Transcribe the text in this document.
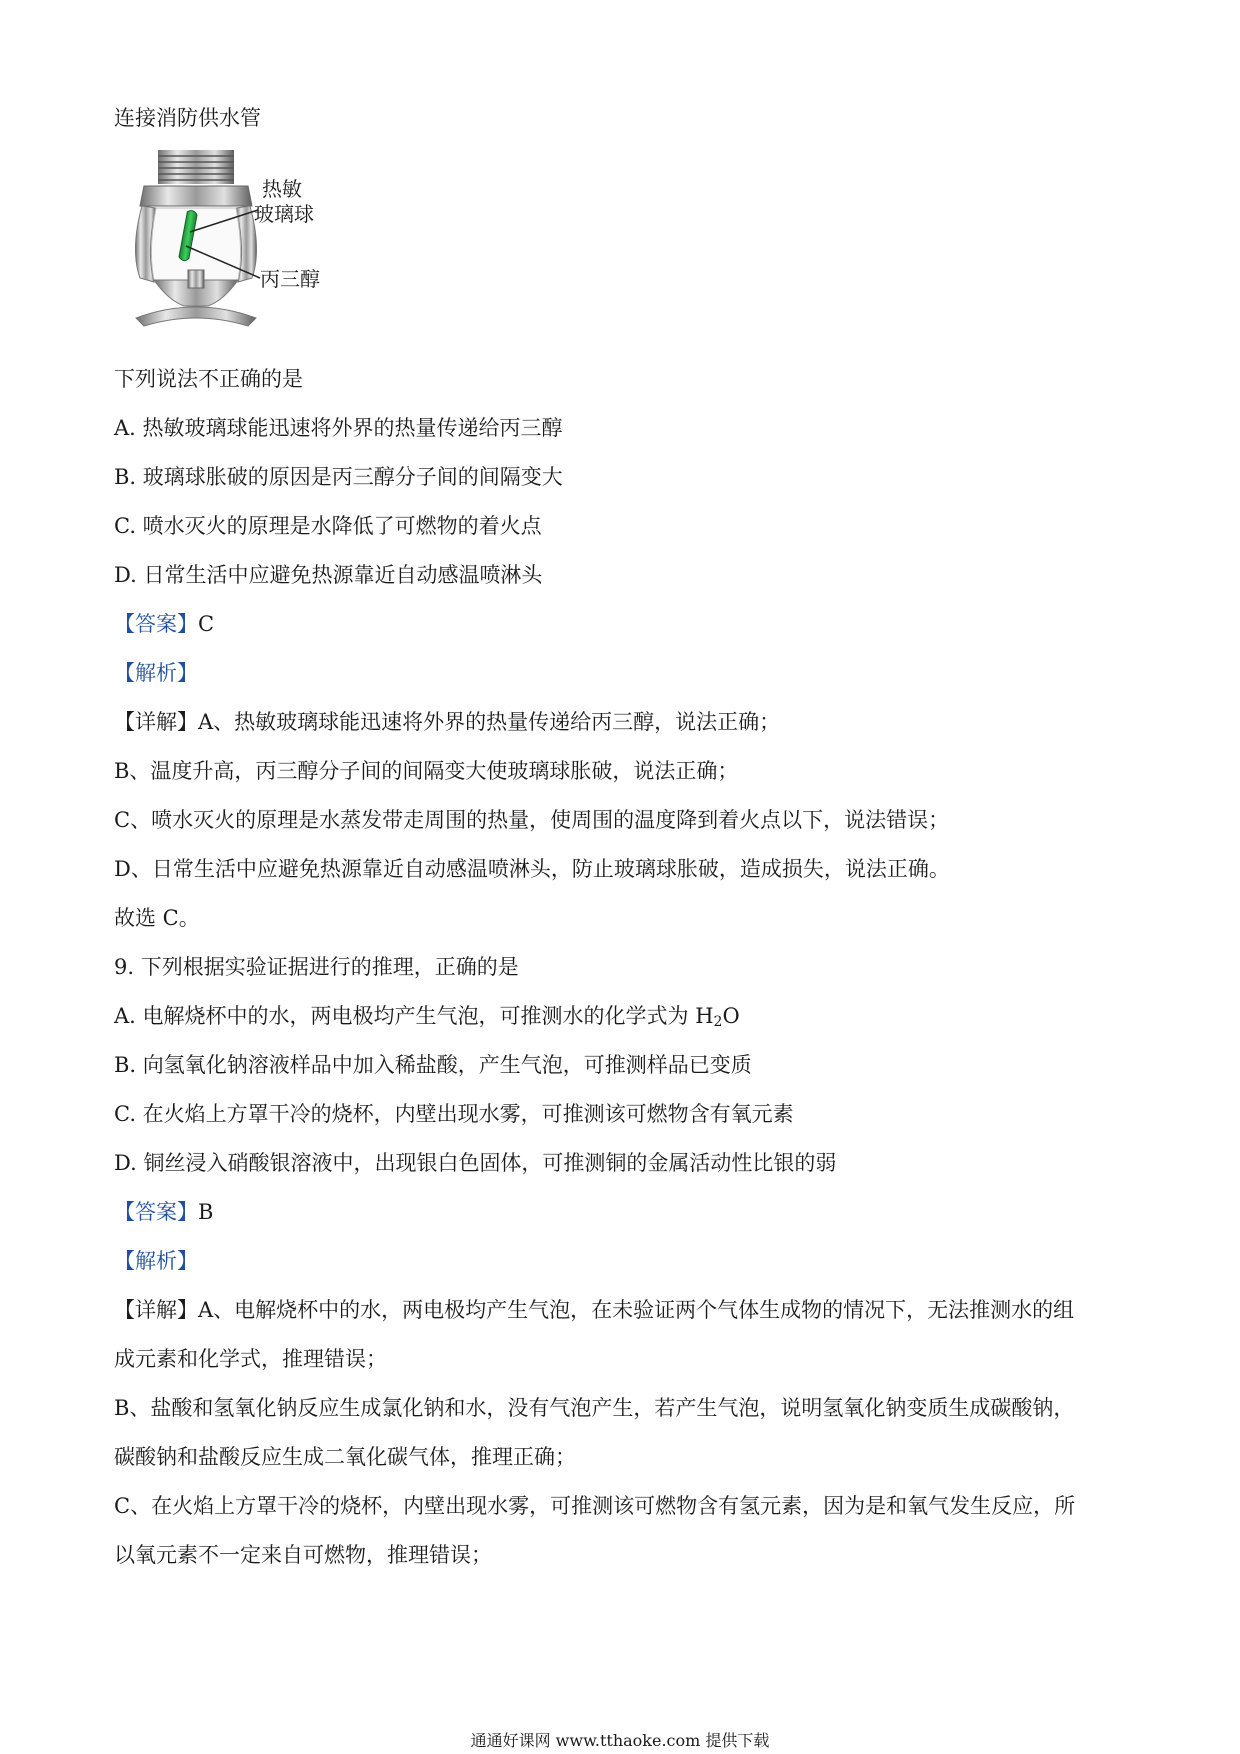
连接消防供水管
热敏
玻璃球
丙三醇
下列说法不正确的是
A. 热敏玻璃球能迅速将外界的热量传递给丙三醇
B. 玻璃球胀破的原因是丙三醇分子间的间隔变大
C. 喷水灭火的原理是水降低了可燃物的着火点
D. 日常生活中应避免热源靠近自动感温喷淋头
【答案】C
【解析】
【详解】A、热敏玻璃球能迅速将外界的热量传递给丙三醇，说法正确；
B、温度升高，丙三醇分子间的间隔变大使玻璃球胀破，说法正确；
C、喷水灭火的原理是水蒸发带走周围的热量，使周围的温度降到着火点以下，说法错误；
D、日常生活中应避免热源靠近自动感温喷淋头，防止玻璃球胀破，造成损失，说法正确。
故选 C。
9. 下列根据实验证据进行的推理，正确的是
A. 电解烧杯中的水，两电极均产生气泡，可推测水的化学式为 $H_2O$
B. 向氢氧化钠溶液样品中加入稀盐酸，产生气泡，可推测样品已变质
C. 在火焰上方罩干冷的烧杯，内壁出现水雾，可推测该可燃物含有氧元素
D. 铜丝浸入硝酸银溶液中，出现银白色固体，可推测铜的金属活动性比银的弱
【答案】B
【解析】
【详解】A、电解烧杯中的水，两电极均产生气泡，在未验证两个气体生成物的情况下，无法推测水的组
成元素和化学式，推理错误；
B、盐酸和氢氧化钠反应生成氯化钠和水，没有气泡产生，若产生气泡，说明氢氧化钠变质生成碳酸钠，
碳酸钠和盐酸反应生成二氧化碳气体，推理正确；
C、在火焰上方罩干冷的烧杯，内壁出现水雾，可推测该可燃物含有氢元素，因为是和氧气发生反应，所
以氧元素不一定来自可燃物，推理错误；
通通好课网 www.tthaoke.com 提供下载
